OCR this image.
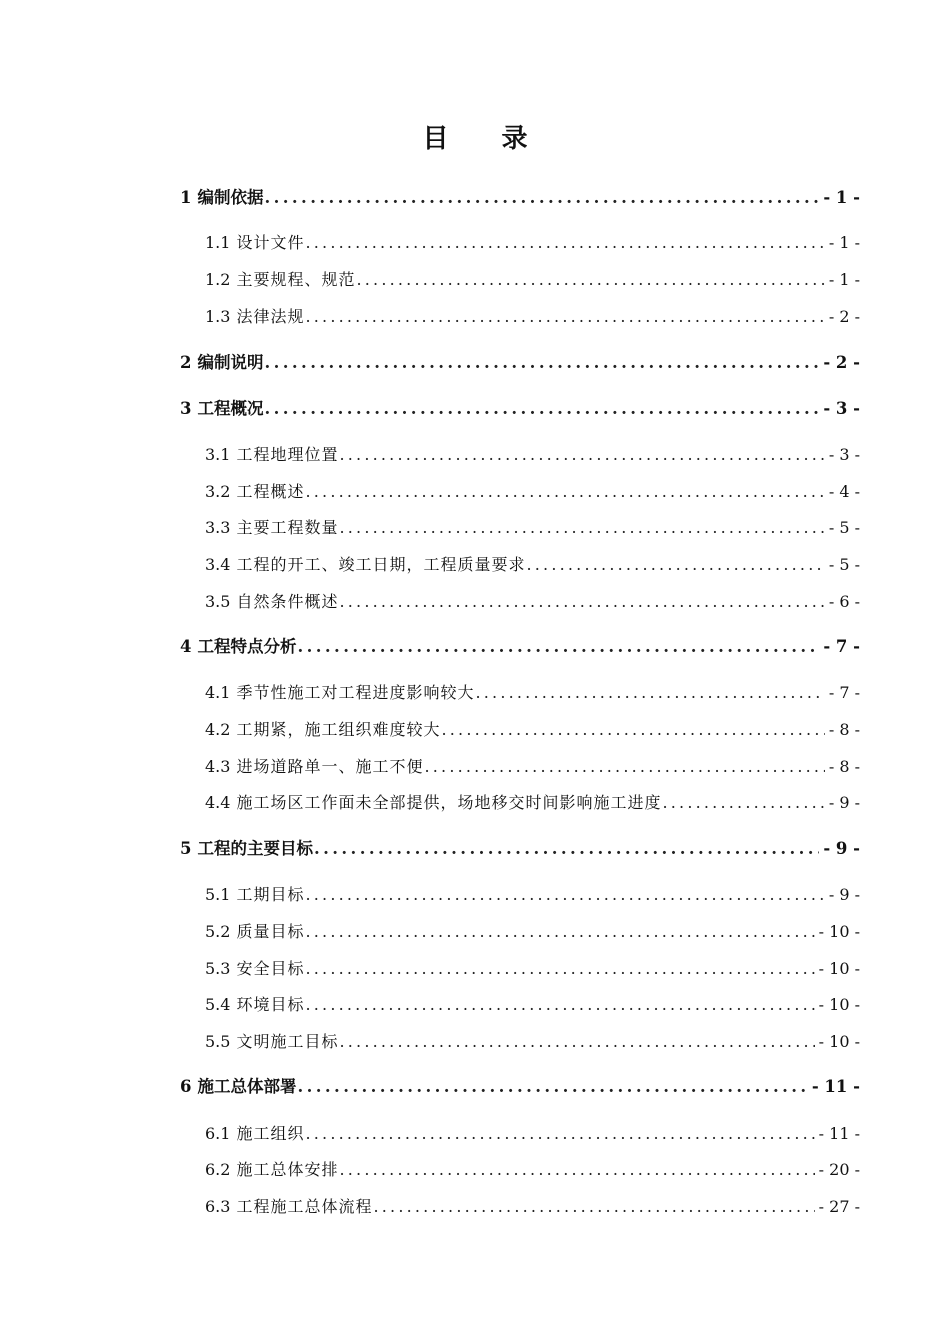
目 录
1 编制依据 .....	- 1 -
1.1 设计文件 .....	- 1 -
1.2 主要规程、规范 .....	- 1 -
1.3 法律法规 .....	- 2 -
2 编制说明 .....	- 2 -
3 工程概况 .....	- 3 -
3.1 工程地理位置 .....	- 3 -
3.2 工程概述 .....	- 4 -
3.3 主要工程数量 .....	- 5 -
3.4 工程的开工、竣工日期，工程质量要求 .....	- 5 -
3.5 自然条件概述 .....	- 6 -
4 工程特点分析 .....	- 7 -
4.1 季节性施工对工程进度影响较大 .....	- 7 -
4.2 工期紧，施工组织难度较大 .....	- 8 -
4.3 进场道路单一、施工不便 .....	- 8 -
4.4 施工场区工作面未全部提供，场地移交时间影响施工进度 .....	- 9 -
5 工程的主要目标 .....	- 9 -
5.1 工期目标 .....	- 9 -
5.2 质量目标 .....	- 10 -
5.3 安全目标 .....	- 10 -
5.4 环境目标 .....	- 10 -
5.5 文明施工目标 .....	- 10 -
6 施工总体部署 .....	- 11 -
6.1 施工组织 .....	- 11 -
6.2 施工总体安排 .....	- 20 -
6.3 工程施工总体流程 .....	- 27 -
